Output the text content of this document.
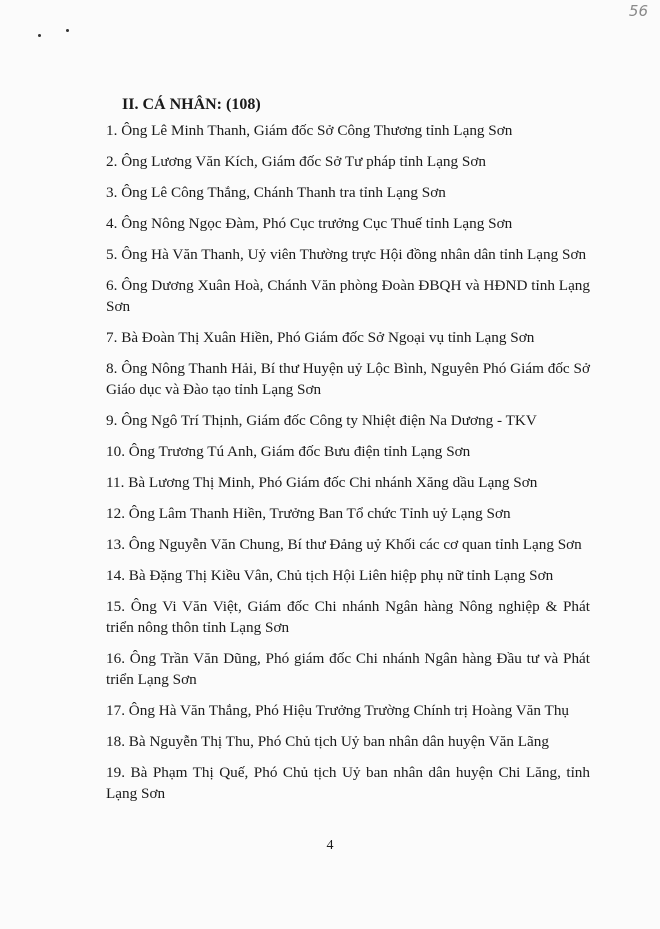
56
II. CÁ NHÂN: (108)
1. Ông Lê Minh Thanh, Giám đốc Sở Công Thương tỉnh Lạng Sơn
2. Ông Lương Văn Kích, Giám đốc Sở Tư pháp tỉnh Lạng Sơn
3. Ông Lê Công Thắng, Chánh Thanh tra tỉnh Lạng Sơn
4. Ông Nông Ngọc Đàm, Phó Cục trưởng Cục Thuế tỉnh Lạng Sơn
5. Ông Hà Văn Thanh, Uỷ viên Thường trực Hội đồng nhân dân tỉnh Lạng Sơn
6. Ông Dương Xuân Hoà, Chánh Văn phòng Đoàn ĐBQH và HĐND tỉnh Lạng Sơn
7. Bà Đoàn Thị Xuân Hiền, Phó Giám đốc Sở Ngoại vụ tỉnh Lạng Sơn
8. Ông Nông Thanh Hải, Bí thư Huyện uỷ Lộc Bình, Nguyên Phó Giám đốc Sở Giáo dục và Đào tạo tỉnh Lạng Sơn
9. Ông Ngô Trí Thịnh, Giám đốc Công ty Nhiệt điện Na Dương - TKV
10. Ông Trương Tú Anh, Giám đốc Bưu điện tỉnh Lạng Sơn
11. Bà Lương Thị Minh, Phó Giám đốc Chi nhánh Xăng dầu Lạng Sơn
12. Ông Lâm Thanh Hiền, Trưởng Ban Tổ chức Tỉnh uỷ Lạng Sơn
13. Ông Nguyễn Văn Chung, Bí thư Đảng uỷ Khối các cơ quan tỉnh Lạng Sơn
14. Bà Đặng Thị Kiều Vân, Chủ tịch Hội Liên hiệp phụ nữ tỉnh Lạng Sơn
15. Ông Vi Văn Việt, Giám đốc Chi nhánh Ngân hàng Nông nghiệp & Phát triển nông thôn tỉnh Lạng Sơn
16. Ông Trần Văn Dũng, Phó giám đốc Chi nhánh Ngân hàng Đầu tư và Phát triển Lạng Sơn
17. Ông Hà Văn Thắng, Phó Hiệu Trưởng Trường Chính trị Hoàng Văn Thụ
18. Bà Nguyễn Thị Thu, Phó Chủ tịch Uỷ ban nhân dân huyện Văn Lãng
19. Bà Phạm Thị Quế, Phó Chủ tịch Uỷ ban nhân dân huyện Chi Lăng, tỉnh Lạng Sơn
4
